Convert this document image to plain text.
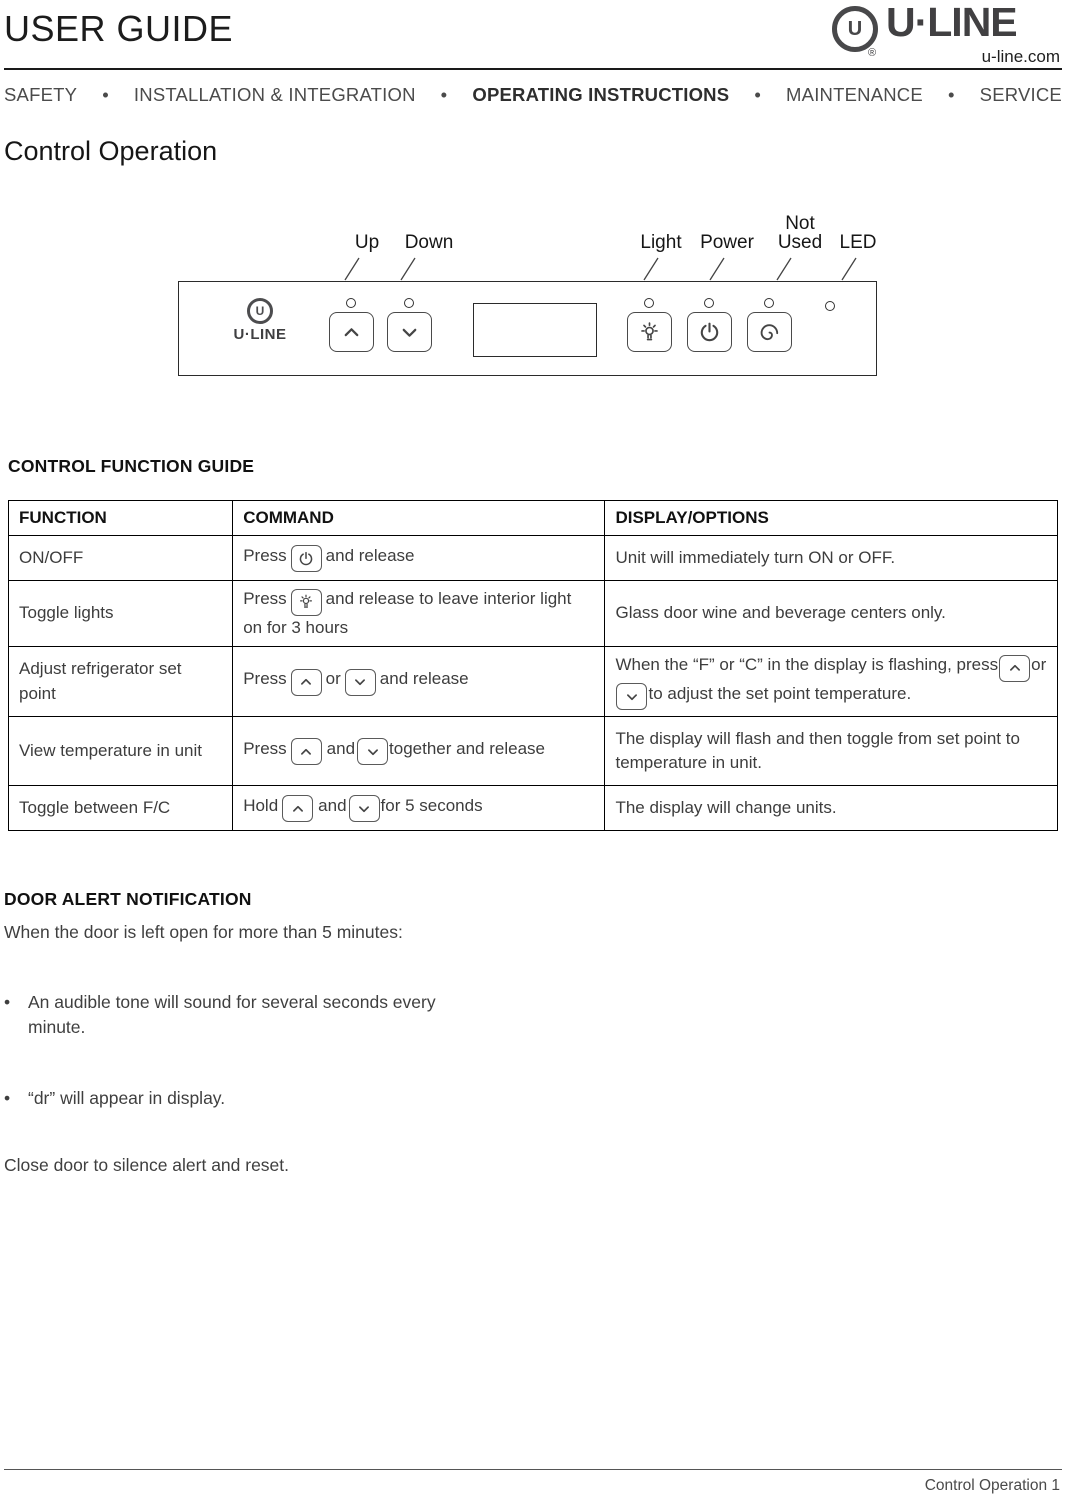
USER GUIDE	U U·LINE
®	u-line.com
SAFETY • INSTALLATION & INTEGRATION • OPERATING INSTRUCTIONS • MAINTENANCE • SERVICE
Control Operation
Up Down	Light Power
Not
Used LED
U
U·LINE
CONTROL FUNCTION GUIDE
FUNCTION	COMMAND	DISPLAY/OPTIONS
ON/OFF	Press and release	Unit will immediately turn ON or OFF.
Toggle lights	Press and release to leave interior light on for 3 hours	Glass door wine and beverage centers only.
Adjust refrigerator set point	Press or and release	When the “F” or “C” in the display is flashing, press or
to adjust the set point temperature.
View temperature in unit	Press and together and release	The display will flash and then toggle from set point to temperature in unit.
Toggle between F/C	Hold and for 5 seconds	The display will change units.
DOOR ALERT NOTIFICATION
When the door is left open for more than 5 minutes:
•	An audible tone will sound for several seconds every minute.
•	“dr” will appear in display.
Close door to silence alert and reset.
Control Operation 1
